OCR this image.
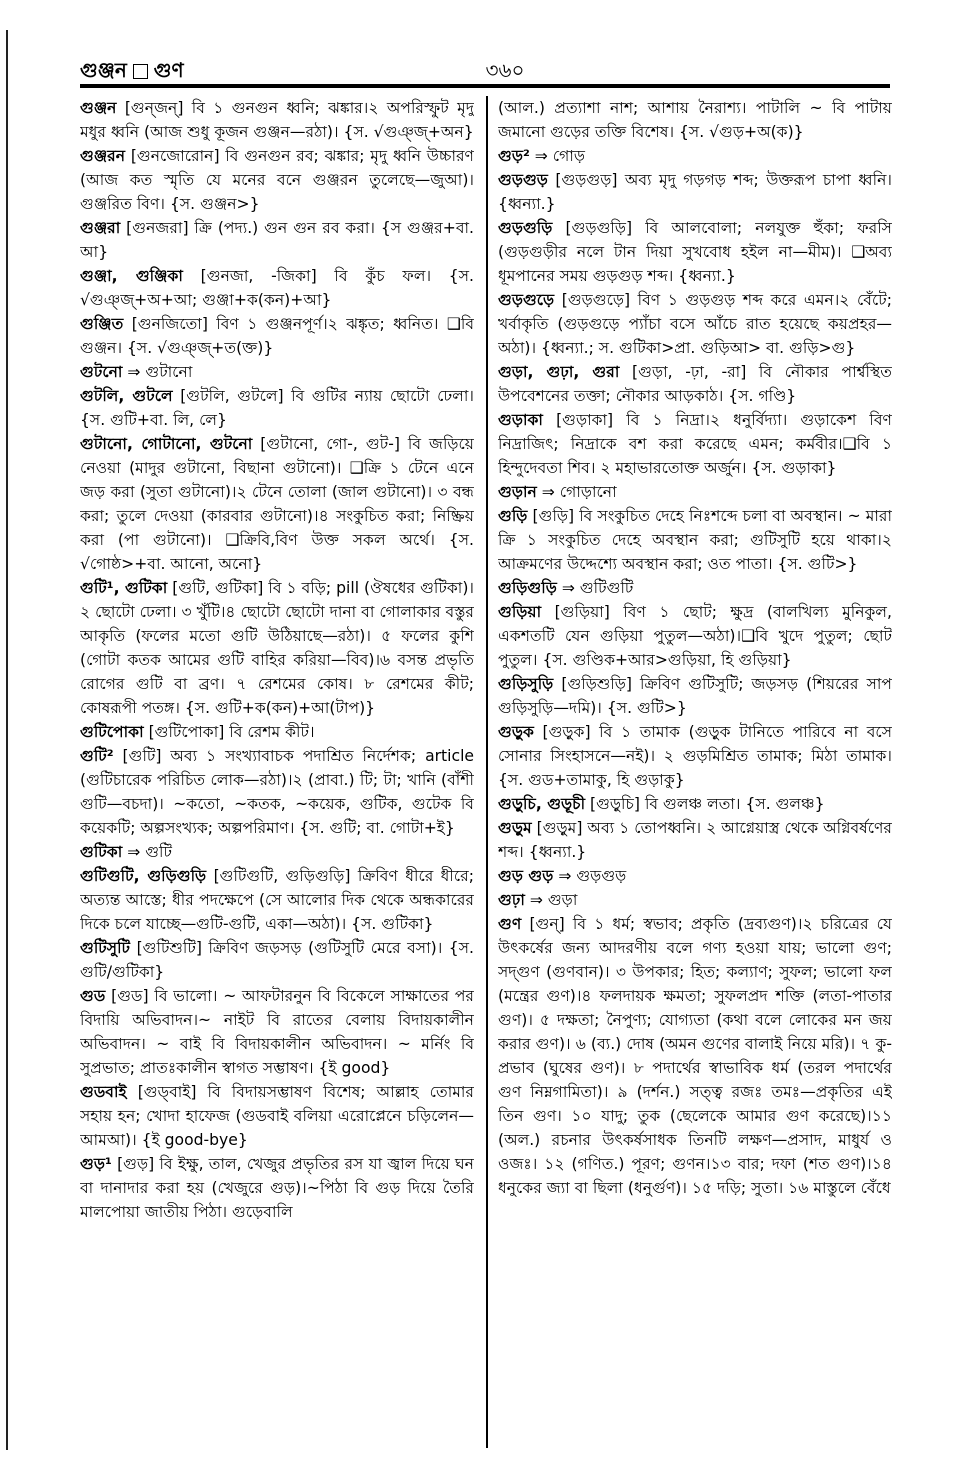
গুঞ্জন গুণ	৩৬০

গুঞ্জন [গুন্‌জন্‌] বি ১ গুনগুন ধ্বনি; ঝঙ্কার।২ অপরিস্ফুট মৃদু মধুর ধ্বনি (আজ শুধু কূজন গুঞ্জন—রঠা)। {স. √গুঞ্জ্‌+অন}

গুঞ্জরন [গুনজোরোন] বি গুনগুন রব; ঝঙ্কার; মৃদু ধ্বনি উচ্চারণ (আজ কত স্মৃতি যে মনের বনে গুঞ্জরন তুলেছে—জুআ)। গুঞ্জরিত বিণ। {স. গুঞ্জন>}

গুঞ্জরা [গুনজরা] ক্রি (পদ্য.) গুন গুন রব করা। {স গুঞ্জর+বা. আ}

গুঞ্জা, গুঞ্জিকা [গুনজা, -জিকা] বি কুঁচ ফল। {স. √গুঞ্জ্‌+অ+আ; গুঞ্জা+ক(কন)+আ}

গুঞ্জিত [গুনজিতো] বিণ ১ গুঞ্জনপূর্ণ।২ ঝঙ্কৃত; ধ্বনিত। ❑বি গুঞ্জন। {স. √গুঞ্জ্‌+ত(ক্ত)}

গুটনো ⇒ গুটানো

গুটলি, গুটলে [গুটলি, গুটলে] বি গুটির ন্যায় ছোটো ঢেলা। {স. গুটি+বা. লি, লে}

গুটানো, গোটানো, গুটনো [গুটানো, গো-, গুট-] বি জড়িয়ে নেওয়া (মাদুর গুটানো, বিছানা গুটানো)। ❑ক্রি ১ টেনে এনে জড় করা (সুতা গুটানো)।২ টেনে তোলা (জাল গুটানো)। ৩ বন্ধ করা; তুলে দেওয়া (কারবার গুটানো)।৪ সংকুচিত করা; নিষ্ক্রিয় করা (পা গুটানো)। ❑ক্রিবি,বিণ উক্ত সকল অর্থে। {স. √গোষ্ঠ>+বা. আনো, অনো}

গুটি¹, গুটিকা [গুটি, গুটিকা] বি ১ বড়ি; pill (ঔষধের গুটিকা)।২ ছোটো ঢেলা। ৩ খুঁটি।৪ ছোটো ছোটো দানা বা গোলাকার বস্তুর আকৃতি (ফলের মতো গুটি উঠিয়াছে—রঠা)। ৫ ফলের কুশি (গোটা কতক আমের গুটি বাহির করিয়া—বিব)।৬ বসন্ত প্রভৃতি রোগের গুটি বা ব্রণ। ৭ রেশমের কোষ। ৮ রেশমের কীট; কোষরূপী পতঙ্গ। {স. গুটি+ক(কন)+আ(টাপ)}

গুটিপোকা [গুটিপোকা] বি রেশম কীট।

গুটি² [গুটি] অব্য ১ সংখ্যাবাচক পদাশ্রিত নির্দেশক; article (গুটিচারেক পরিচিত লোক—রঠা)।২ (প্রাবা.) টি; টা; খানি (বাঁশী গুটি—বচদা)। ~কতো, ~কতক, ~কয়েক, গুটিক, গুটেক বি কয়েকটি; অল্পসংখ্যক; অল্পপরিমাণ। {স. গুটি; বা. গোটা+ই}

গুটিকা ⇒ গুটি

গুটিগুটি, গুড়িগুড়ি [গুটিগুটি, গুড়িগুড়ি] ক্রিবিণ ধীরে ধীরে; অত্যন্ত আস্তে; ধীর পদক্ষেপে (সে আলোর দিক থেকে অন্ধকারের দিকে চলে যাচ্ছে—গুটি-গুটি, একা—অঠা)। {স. গুটিকা}

গুটিসুটি [গুটিশুটি] ক্রিবিণ জড়সড় (গুটিসুটি মেরে বসা)। {স. গুটি/গুটিকা}

গুড [গুড] বি ভালো। ~ আফটারনুন বি বিকেলে সাক্ষাতের পর বিদায়ি অভিবাদন।~ নাইট বি রাতের বেলায় বিদায়কালীন অভিবাদন। ~ বাই বি বিদায়কালীন অভিবাদন। ~ মর্নিং বি সুপ্রভাত; প্রাতঃকালীন স্বাগত সম্ভাষণ। {ই good}

গুডবাই [গুড্‌বাই] বি বিদায়সম্ভাষণ বিশেষ; আল্লাহ তোমার সহায় হন; খোদা হাফেজ (গুডবাই বলিয়া এরোপ্লেনে চড়িলেন—আমআ)। {ই good-bye}

গুড়¹ [গুড়] বি ইক্ষু, তাল, খেজুর প্রভৃতির রস যা জ্বাল দিয়ে ঘন বা দানাদার করা হয় (খেজুরে গুড়)।~পিঠা বি গুড় দিয়ে তৈরি মালপোয়া জাতীয় পিঠা। গুড়েবালি

(আল.) প্রত্যাশা নাশ; আশায় নৈরাশ্য। পাটালি ~ বি পাটায় জমানো গুড়ের তক্তি বিশেষ। {স. √গুড়+অ(ক)}

গুড়² ⇒ গোড়

গুড়গুড় [গুড়গুড়] অব্য মৃদু গড়গড় শব্দ; উক্তরূপ চাপা ধ্বনি। {ধ্বন্যা.}

গুড়গুড়ি [গুড়গুড়ি] বি আলবোলা; নলযুক্ত হুঁকা; ফরসি (গুড়গুড়ীর নলে টান দিয়া সুখবোধ হইল না—মীম)। ❑অব্য ধূমপানের সময় গুড়গুড় শব্দ। {ধ্বন্যা.}

গুড়গুড়ে [গুড়গুড়ে] বিণ ১ গুড়গুড় শব্দ করে এমন।২ বেঁটে; খর্বাকৃতি (গুড়গুড়ে প্যাঁচা বসে আঁচে রাত হয়েছে কয়প্রহর—অঠা)। {ধ্বন্যা.; স. গুটিকা>প্রা. গুড়িআ> বা. গুড়ি>গু}

গুড়া, গুঢ়া, গুরা [গুড়া, -ঢ়া, -রা] বি নৌকার পার্শ্বস্থিত উপবেশনের তক্তা; নৌকার আড়কাঠ। {স. গণ্ডি}

গুড়াকা [গুড়াকা] বি ১ নিদ্রা।২ ধনুর্বিদ্যা। গুড়াকেশ বিণ নিদ্রাজিৎ; নিদ্রাকে বশ করা করেছে এমন; কর্মবীর।❑বি ১ হিন্দুদেবতা শিব। ২ মহাভারতোক্ত অর্জুন। {স. গুড়াকা}

গুড়ান ⇒ গোড়ানো

গুড়ি [গুড়ি] বি সংকুচিত দেহে নিঃশব্দে চলা বা অবস্থান। ~ মারা ক্রি ১ সংকুচিত দেহে অবস্থান করা; গুটিসুটি হয়ে থাকা।২ আক্রমণের উদ্দেশ্যে অবস্থান করা; ওত পাতা। {স. গুটি>}

গুড়িগুড়ি ⇒ গুটিগুটি

গুড়িয়া [গুড়িয়া] বিণ ১ ছোট; ক্ষুদ্র (বালখিল্য মুনিকুল, একশতটি যেন গুড়িয়া পুতুল—অঠা)।❑বি খুদে পুতুল; ছোট পুতুল। {স. গুণ্ডিক+আর>গুড়িয়া, হি গুড়িয়া}

গুড়িসুড়ি [গুড়িশুড়ি] ক্রিবিণ গুটিসুটি; জড়সড় (শিয়রের সাপ গুড়িসুড়ি—দমি)। {স. গুটি>}

গুড়ুক [গুড়ুক] বি ১ তামাক (গুড়ুক টানিতে পারিবে না বসে সোনার সিংহাসনে—নই)। ২ গুড়মিশ্রিত তামাক; মিঠা তামাক। {স. গুড+তামাকু, হি গুড়াকু}

গুড়ুচি, গুড়ূচী [গুড়ুচি] বি গুলঞ্চ লতা। {স. গুলঞ্চ}

গুড়ুম [গুড়ুম] অব্য ১ তোপধ্বনি। ২ আগ্নেয়াস্ত্র থেকে অগ্নিবর্ষণের শব্দ। {ধ্বন্যা.}

গুড় গুড় ⇒ গুড়গুড়

গুঢ়া ⇒ গুড়া

গুণ [গুন্‌] বি ১ ধর্ম; স্বভাব; প্রকৃতি (দ্রব্যগুণ)।২ চরিত্রের যে উৎকর্ষের জন্য আদরণীয় বলে গণ্য হওয়া যায়; ভালো গুণ; সদ্গুণ (গুণবান)। ৩ উপকার; হিত; কল্যাণ; সুফল; ভালো ফল (মন্ত্রের গুণ)।৪ ফলদায়ক ক্ষমতা; সুফলপ্রদ শক্তি (লতা-পাতার গুণ)। ৫ দক্ষতা; নৈপুণ্য; যোগ্যতা (কথা বলে লোকের মন জয় করার গুণ)। ৬ (ব্য.) দোষ (অমন গুণের বালাই নিয়ে মরি)। ৭ কু-প্রভাব (ঘুষের গুণ)। ৮ পদার্থের স্বাভাবিক ধর্ম (তরল পদার্থের গুণ নিম্নগামিতা)। ৯ (দর্শন.) সত্ত্ব রজঃ তমঃ—প্রকৃতির এই তিন গুণ। ১০ যাদু; তুক (ছেলেকে আমার গুণ করেছে)।১১ (অল.) রচনার উৎকর্ষসাধক তিনটি লক্ষণ—প্রসাদ, মাধুর্য ও ওজঃ। ১২ (গণিত.) পূরণ; গুণন।১৩ বার; দফা (শত গুণ)।১৪ ধনুকের জ্যা বা ছিলা (ধনুর্গুণ)। ১৫ দড়ি; সুতা। ১৬ মাস্তুলে বেঁধে
